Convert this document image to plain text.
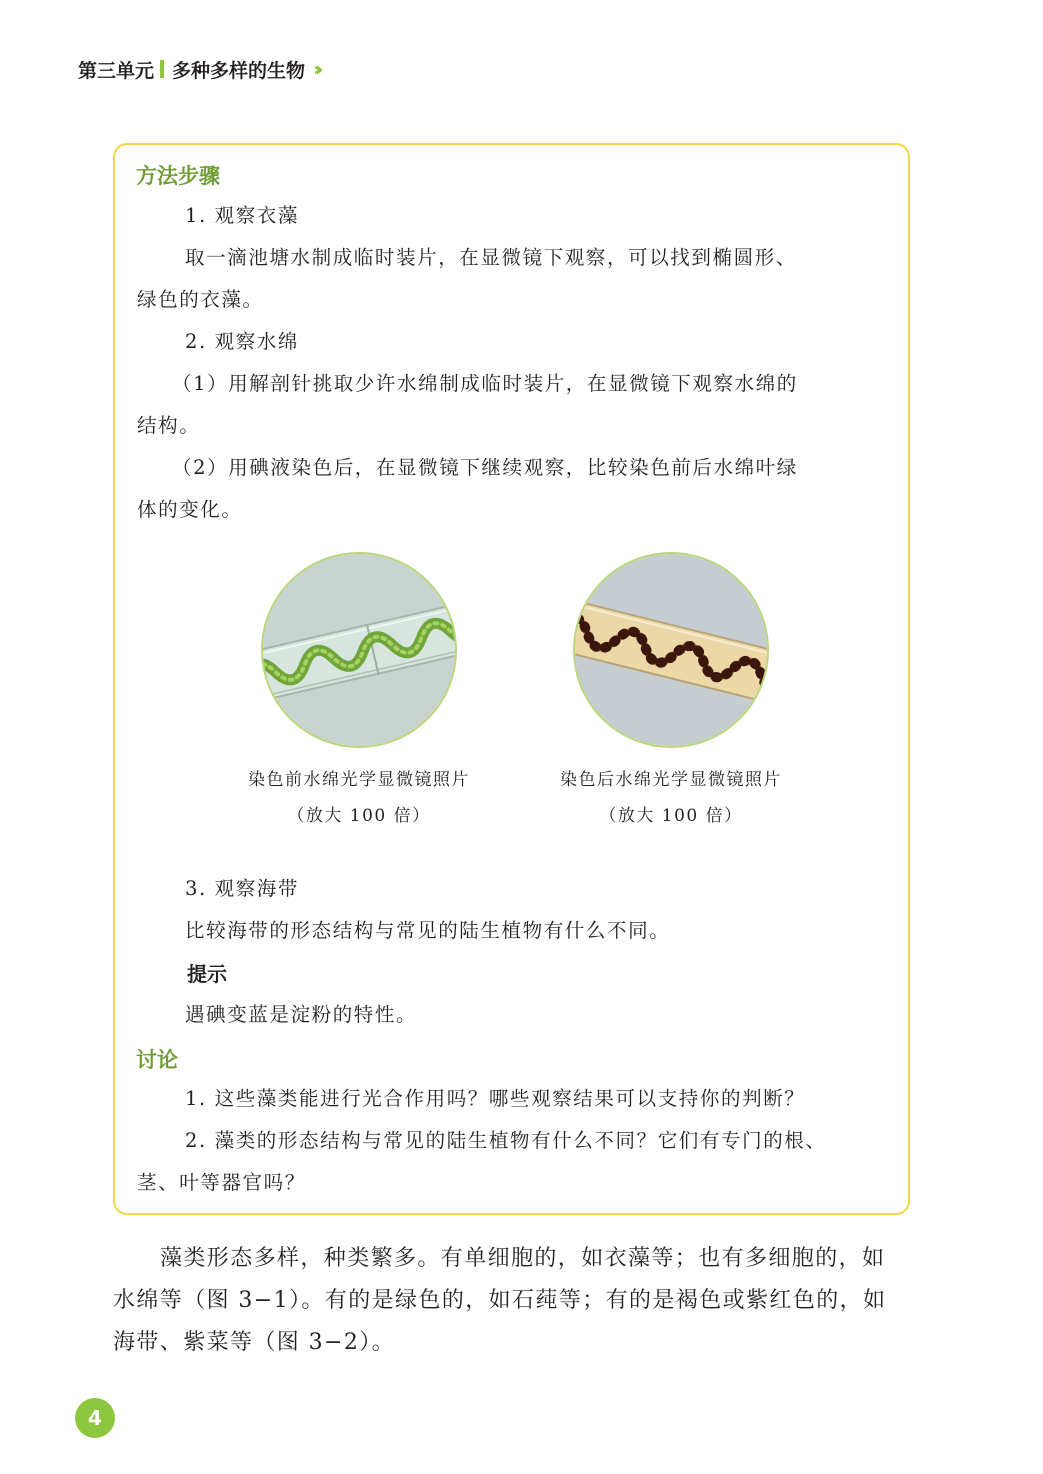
第三单元 多种多样的生物 ››
方法步骤
1. 观察衣藻
取一滴池塘水制成临时装片，在显微镜下观察，可以找到椭圆形、
绿色的衣藻。
2. 观察水绵
（1）用解剖针挑取少许水绵制成临时装片，在显微镜下观察水绵的
结构。
（2）用碘液染色后，在显微镜下继续观察，比较染色前后水绵叶绿
体的变化。
染色前水绵光学显微镜照片
（放大 100 倍）
染色后水绵光学显微镜照片
（放大 100 倍）
3. 观察海带
比较海带的形态结构与常见的陆生植物有什么不同。
提示
遇碘变蓝是淀粉的特性。
讨论
1. 这些藻类能进行光合作用吗？哪些观察结果可以支持你的判断？
2. 藻类的形态结构与常见的陆生植物有什么不同？它们有专门的根、
茎、叶等器官吗？
藻类形态多样，种类繁多。有单细胞的，如衣藻等；也有多细胞的，如
水绵等（图 3−1）。有的是绿色的，如石莼等；有的是褐色或紫红色的，如
海带、紫菜等（图 3−2）。
4
